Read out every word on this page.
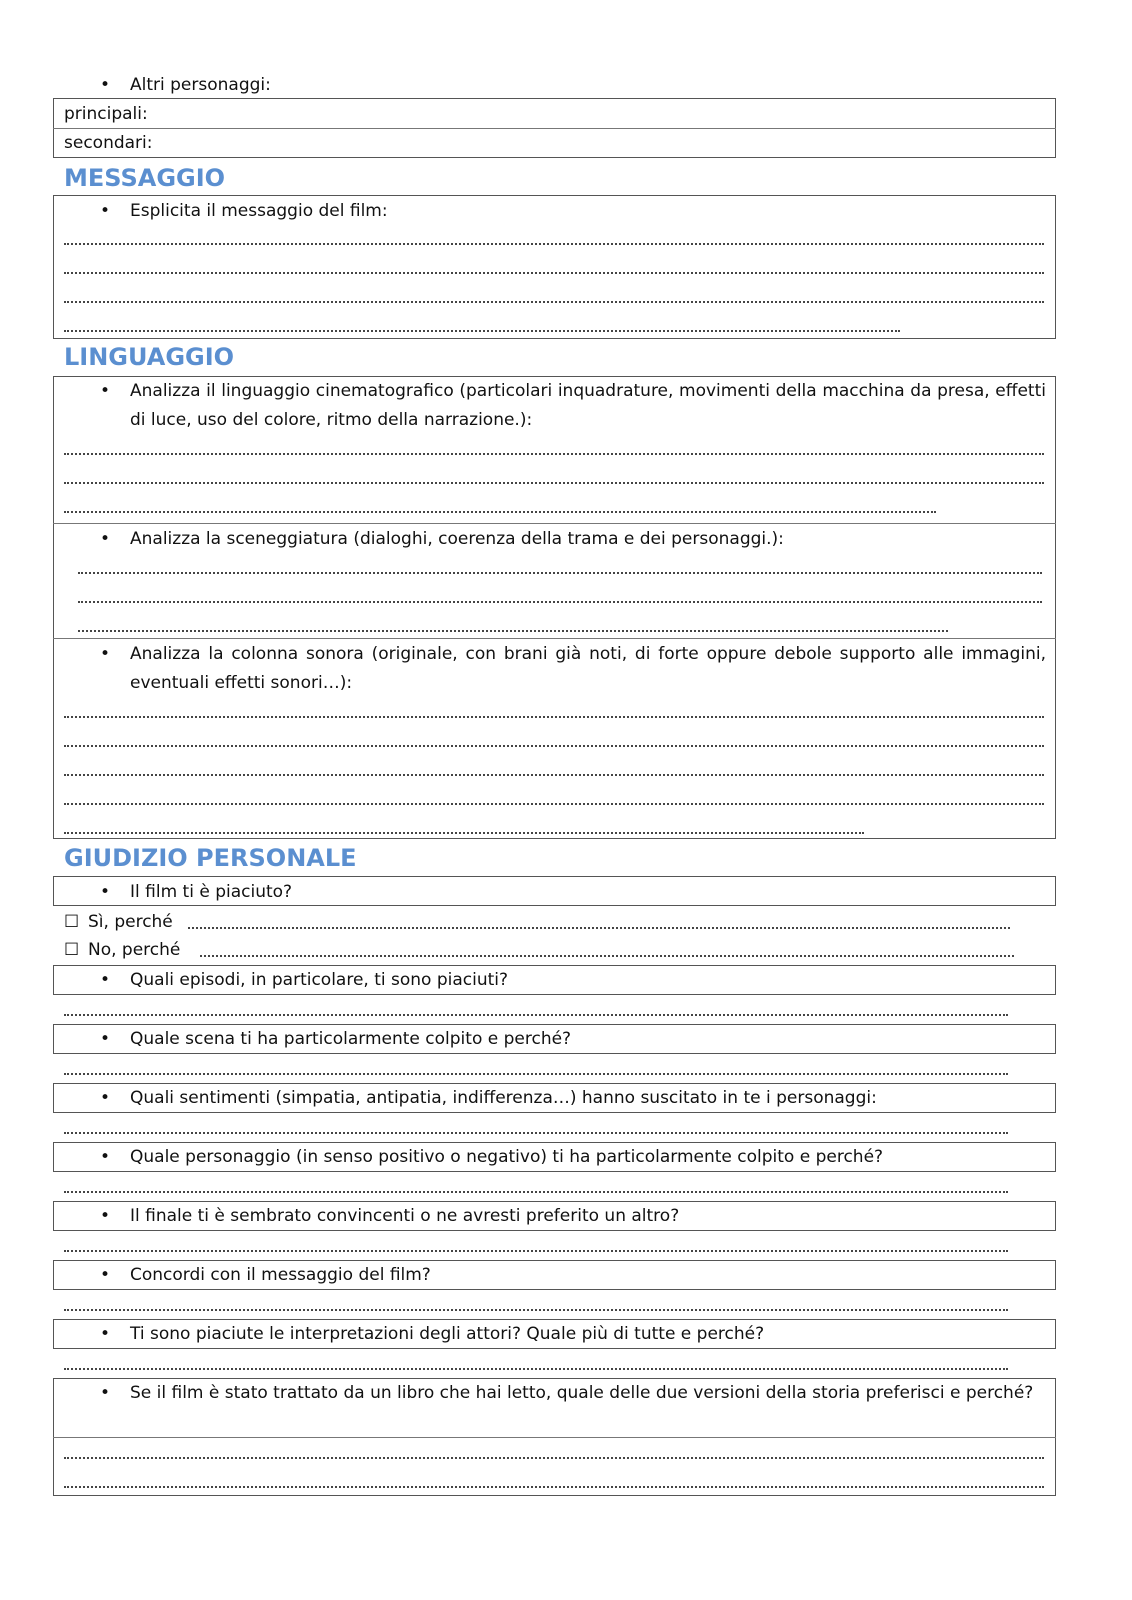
• Altri personaggi:
principali:
secondari:
MESSAGGIO
• Esplicita il messaggio del film:
LINGUAGGIO
• Analizza il linguaggio cinematografico (particolari inquadrature, movimenti della macchina da presa, effetti di luce, uso del colore, ritmo della narrazione.):
• Analizza la sceneggiatura (dialoghi, coerenza della trama e dei personaggi.):
• Analizza la colonna sonora (originale, con brani già noti, di forte oppure debole supporto alle immagini, eventuali effetti sonori…):
GIUDIZIO PERSONALE
• Il film ti è piaciuto?
☐ Sì, perché
☐ No, perché
• Quali episodi, in particolare, ti sono piaciuti?
• Quale scena ti ha particolarmente colpito e perché?
• Quali sentimenti (simpatia, antipatia, indifferenza…) hanno suscitato in te i personaggi:
• Quale personaggio (in senso positivo o negativo) ti ha particolarmente colpito e perché?
• Il finale ti è sembrato convincenti o ne avresti preferito un altro?
• Concordi con il messaggio del film?
• Ti sono piaciute le interpretazioni degli attori? Quale più di tutte e perché?
• Se il film è stato trattato da un libro che hai letto, quale delle due versioni della storia preferisci e perché?
